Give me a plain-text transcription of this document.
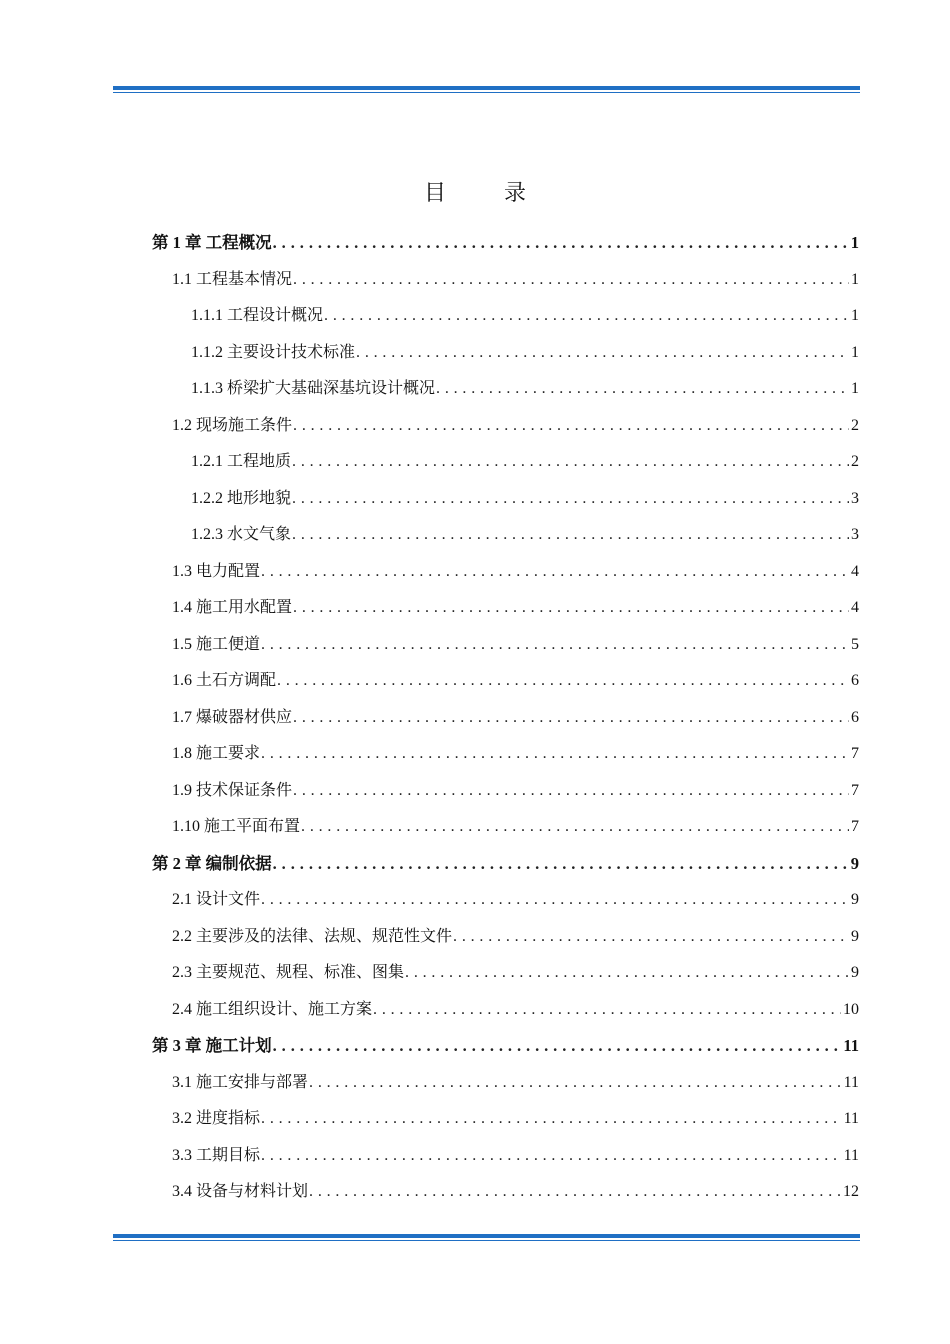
目　录
第 1 章 工程概况 . . .	1
1.1 工程基本情况 . . .	1
1.1.1 工程设计概况 . . .	1
1.1.2 主要设计技术标准 . . .	1
1.1.3 桥梁扩大基础深基坑设计概况 . . .	1
1.2 现场施工条件 . . .	2
1.2.1 工程地质 . . .	2
1.2.2 地形地貌 . . .	3
1.2.3 水文气象 . . .	3
1.3 电力配置 . . .	4
1.4 施工用水配置 . . .	4
1.5 施工便道 . . .	5
1.6 土石方调配 . . .	6
1.7 爆破器材供应 . . .	6
1.8 施工要求 . . .	7
1.9 技术保证条件 . . .	7
1.10 施工平面布置 . . .	7
第 2 章 编制依据 . . .	9
2.1 设计文件 . . .	9
2.2 主要涉及的法律、法规、规范性文件 . . .	9
2.3 主要规范、规程、标准、图集 . . .	9
2.4 施工组织设计、施工方案 . . .	10
第 3 章 施工计划 . . .	11
3.1 施工安排与部署 . . .	11
3.2 进度指标 . . .	11
3.3 工期目标 . . .	11
3.4 设备与材料计划 . . .	12
